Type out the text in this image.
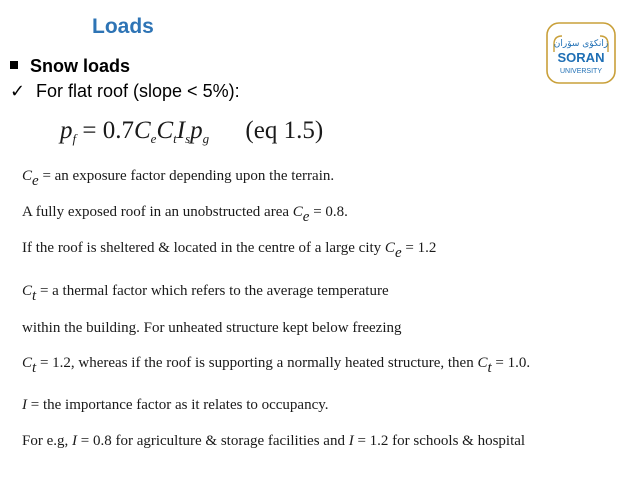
Loads
Snow loads
✓ For flat roof (slope < 5%):
$p_f = 0.7C_eC_tI_sp_g$ (eq 1.5)
$C_e$ = an exposure factor depending upon the terrain.
A fully exposed roof in an unobstructed area $C_e = 0.8$.
If the roof is sheltered & located in the centre of a large city $C_e = 1.2$
$C_t = a$ thermal factor which refers to the average temperature
within the building. For unheated structure kept below freezing
$C_t = 1.2$, whereas if the roof is supporting a normally heated structure, then $C_t = 1.0$.
I = the importance factor as it relates to occupancy.
For e.g, I = 0.8 for agriculture & storage facilities and I = 1.2 for schools & hospital
زانكۆی سۆران
SORAN
UNIVERSITY
